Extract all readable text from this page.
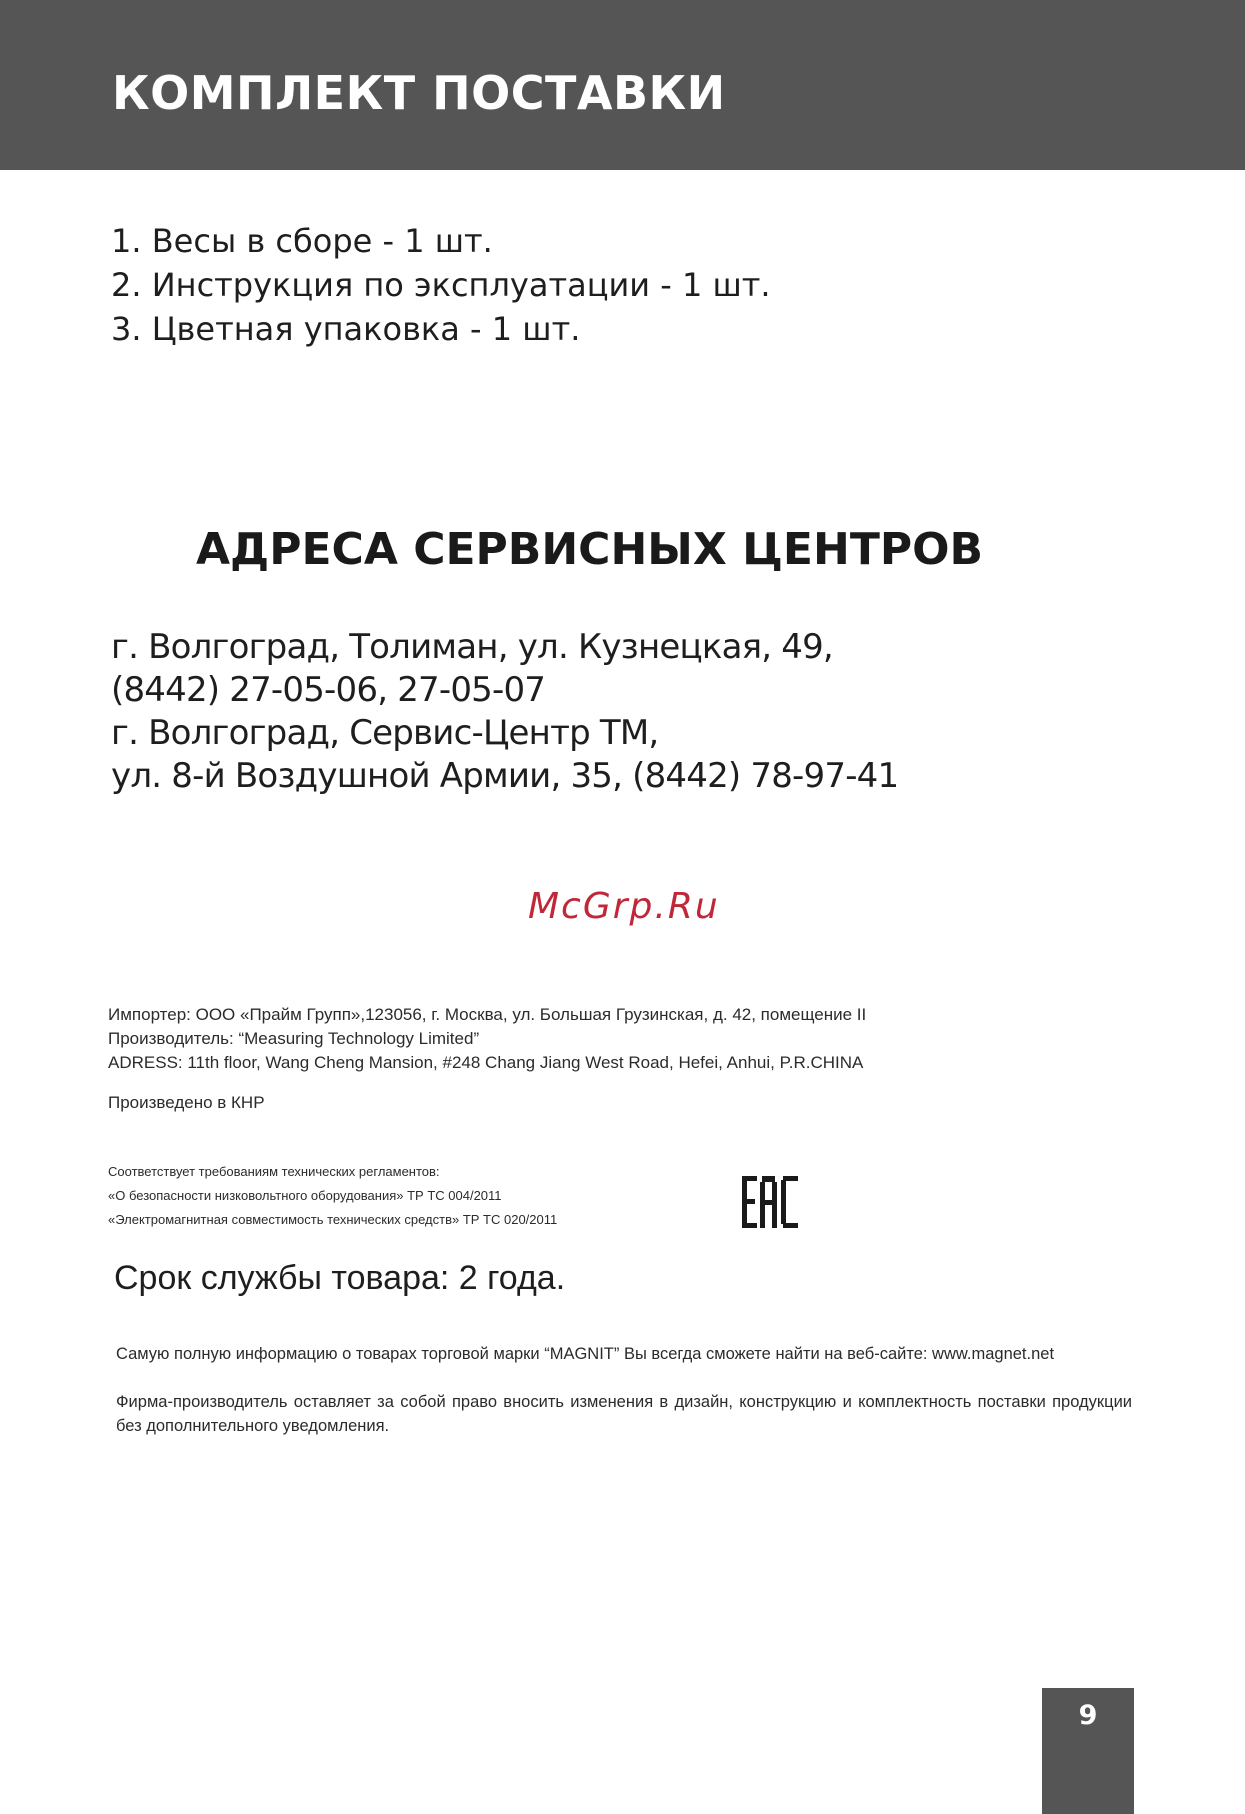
КОМПЛЕКТ ПОСТАВКИ
1. Весы в сборе - 1 шт.
2. Инструкция по эксплуатации - 1 шт.
3. Цветная упаковка - 1 шт.
АДРЕСА СЕРВИСНЫХ ЦЕНТРОВ
г. Волгоград, Толиман, ул. Кузнецкая, 49,
(8442) 27-05-06, 27-05-07
г. Волгоград, Сервис-Центр ТМ,
ул. 8-й Воздушной Армии, 35, (8442) 78-97-41
McGrp.Ru
Импортер: ООО «Прайм Групп»,123056, г. Москва, ул. Большая Грузинская, д. 42, помещение II
Производитель: “Measuring Technology Limited”
ADRESS: 11th floor, Wang Cheng Mansion, #248 Chang Jiang West Road, Hefei, Anhui, P.R.CHINA
Произведено в КНР
Соответствует требованиям технических регламентов:
«О безопасности низковольтного оборудования» ТР ТС 004/2011
«Электромагнитная совместимость технических средств» ТР ТС 020/2011
Срок службы товара: 2 года.

Самую полную информацию о товарах торговой марки “MAGNIT” Вы всегда сможете найти на веб-сайте: www.magnet.net

Фирма-производитель оставляет за собой право вносить изменения в дизайн, конструкцию и комплектность поставки продукции без дополнительного уведомления.

9
